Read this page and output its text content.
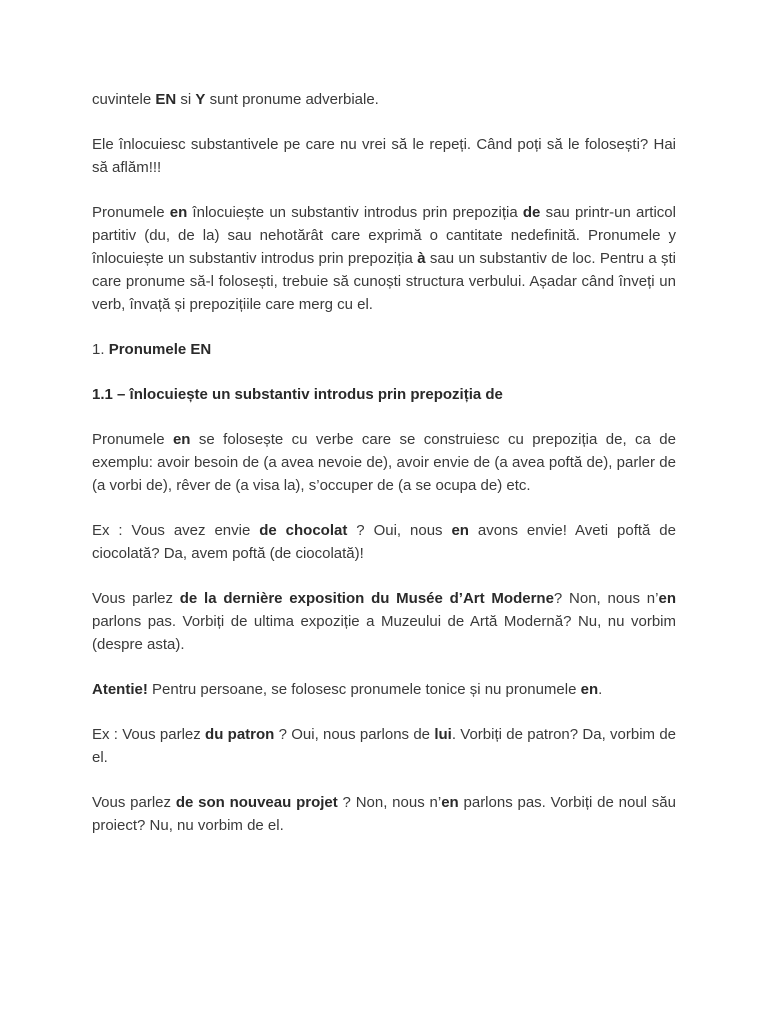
cuvintele EN si Y sunt pronume adverbiale.

Ele înlocuiesc substantivele pe care nu vrei să le repeți. Când poți să le folosești? Hai să aflăm!!!

Pronumele en înlocuiește un substantiv introdus prin prepoziția de sau printr-un articol partitiv (du, de la) sau nehotărât care exprimă o cantitate nedefinită. Pronumele y înlocuiește un substantiv introdus prin prepoziția à sau un substantiv de loc. Pentru a ști care pronume să-l folosești, trebuie să cunoști structura verbului. Așadar când înveți un verb, învață și prepozițiile care merg cu el.

1. Pronumele EN

1.1 – înlocuiește un substantiv introdus prin prepoziția de

Pronumele en se folosește cu verbe care se construiesc cu prepoziția de, ca de exemplu: avoir besoin de (a avea nevoie de), avoir envie de (a avea poftă de), parler de (a vorbi de), rêver de (a visa la), s’occuper de (a se ocupa de) etc.

Ex : Vous avez envie de chocolat ? Oui, nous en avons envie! Aveti poftă de ciocolată? Da, avem poftă (de ciocolată)!

Vous parlez de la dernière exposition du Musée d’Art Moderne? Non, nous n’en parlons pas. Vorbiți de ultima expoziție a Muzeului de Artă Modernă? Nu, nu vorbim (despre asta).

Atentie! Pentru persoane, se folosesc pronumele tonice și nu pronumele en.

Ex : Vous parlez du patron ? Oui, nous parlons de lui. Vorbiți de patron? Da, vorbim de el.

Vous parlez de son nouveau projet ? Non, nous n’en parlons pas. Vorbiți de noul său proiect? Nu, nu vorbim de el.
